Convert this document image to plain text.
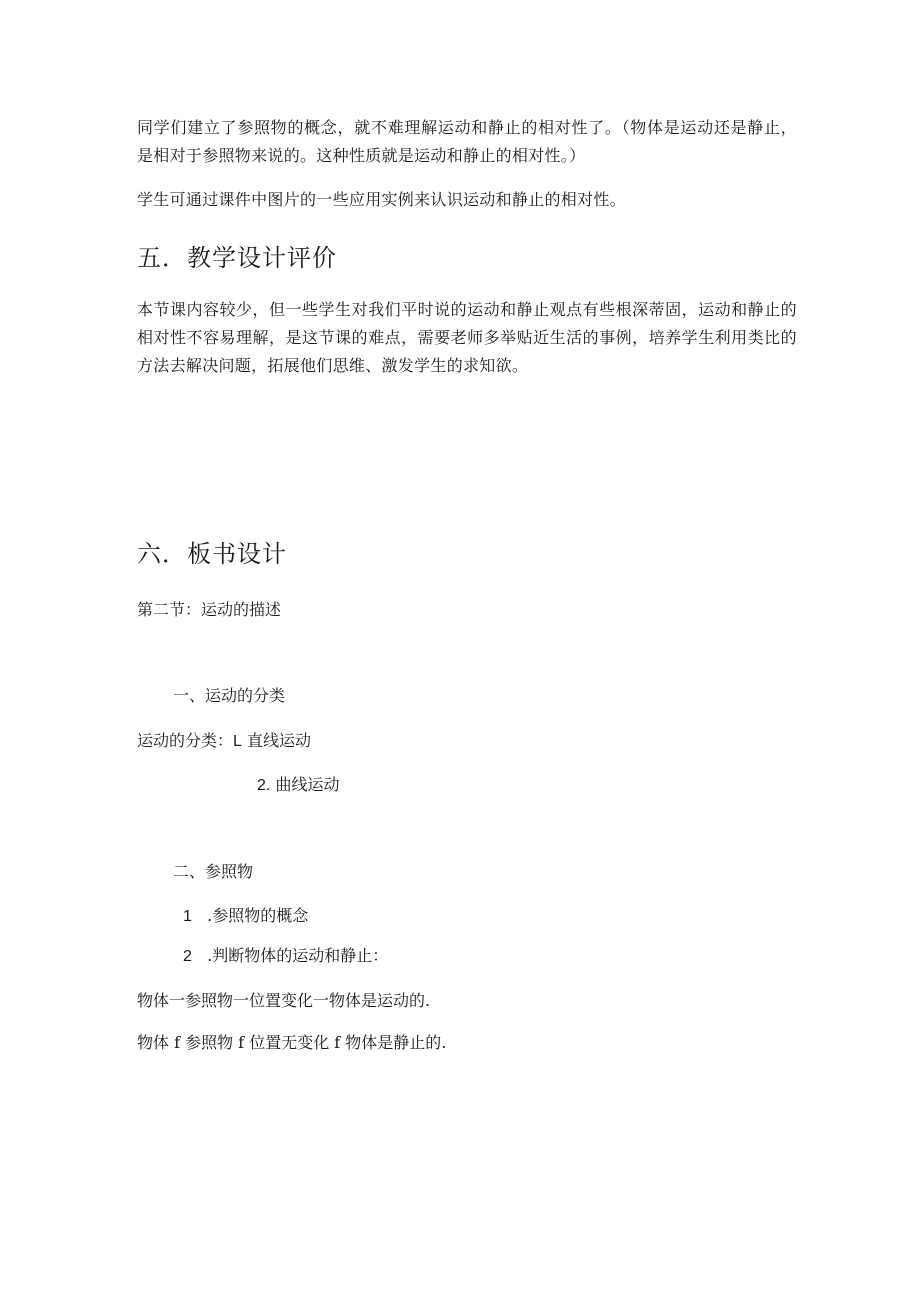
同学们建立了参照物的概念，就不难理解运动和静止的相对性了。（物体是运动还是静止，是相对于参照物来说的。这种性质就是运动和静止的相对性。）
学生可通过课件中图片的一些应用实例来认识运动和静止的相对性。
五．教学设计评价
本节课内容较少，但一些学生对我们平时说的运动和静止观点有些根深蒂固，运动和静止的相对性不容易理解，是这节课的难点，需要老师多举贴近生活的事例，培养学生利用类比的方法去解决问题，拓展他们思维、激发学生的求知欲。
六．板书设计
第二节：运动的描述
一、运动的分类
运动的分类：L 直线运动
2. 曲线运动
二、参照物
1 .参照物的概念
2 .判断物体的运动和静止：
物体一参照物一位置变化一物体是运动的.
物体 f 参照物 f 位置无变化 f 物体是静止的.
